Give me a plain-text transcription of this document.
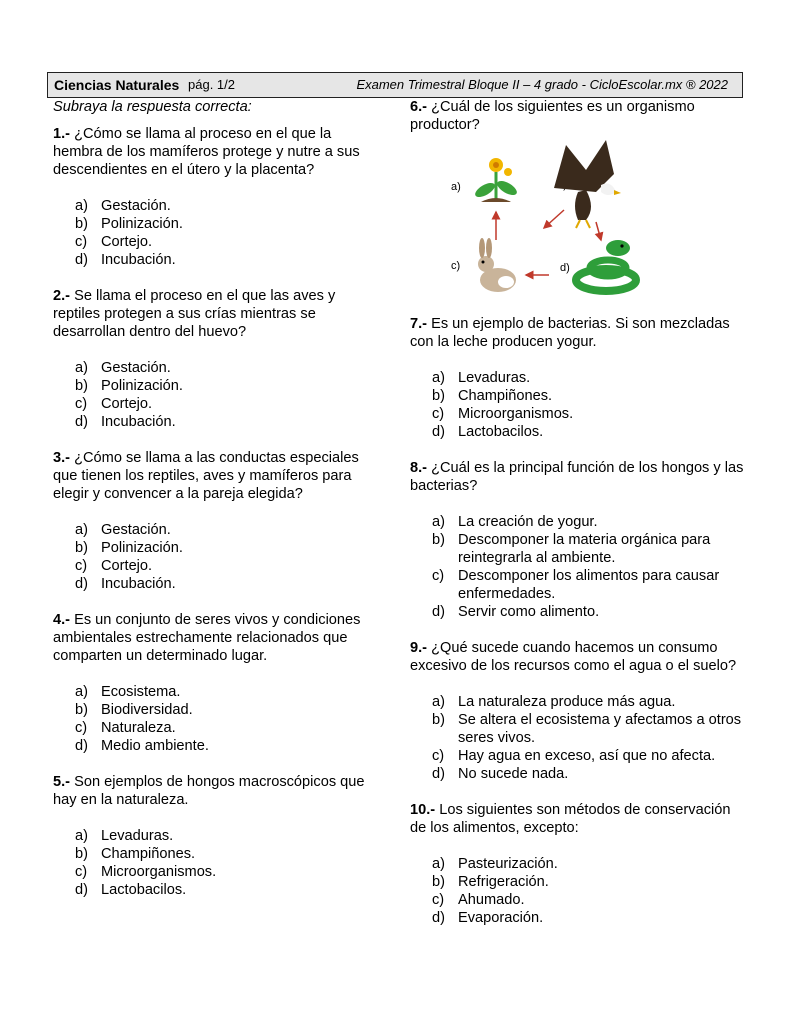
Ciencias Naturales pág. 1/2	Examen Trimestral Bloque II – 4 grado - CicloEscolar.mx ® 2022

Subraya la respuesta correcta:

1.- ¿Cómo se llama al proceso en el que la hembra de los mamíferos protege y nutre a sus descendientes en el útero y la placenta?

a) Gestación.
b) Polinización.
c) Cortejo.
d) Incubación.

2.- Se llama el proceso en el que las aves y reptiles protegen a sus crías mientras se desarrollan dentro del huevo?

a) Gestación.
b) Polinización.
c) Cortejo.
d) Incubación.

3.- ¿Cómo se llama a las conductas especiales que tienen los reptiles, aves y mamíferos para elegir y convencer a la pareja elegida?

a) Gestación.
b) Polinización.
c) Cortejo.
d) Incubación.

4.- Es un conjunto de seres vivos y condiciones ambientales estrechamente relacionados que comparten un determinado lugar.

a) Ecosistema.
b) Biodiversidad.
c) Naturaleza.
d) Medio ambiente.

5.- Son ejemplos de hongos macroscópicos que hay en la naturaleza.

a) Levaduras.
b) Champiñones.
c) Microorganismos.
d) Lactobacilos.

6.- ¿Cuál de los siguientes es un organismo productor?

a)
c)	d)

7.- Es un ejemplo de bacterias. Si son mezcladas con la leche producen yogur.

a) Levaduras.
b) Champiñones.
c) Microorganismos.
d) Lactobacilos.

8.- ¿Cuál es la principal función de los hongos y las bacterias?

a) La creación de yogur.
b) Descomponer la materia orgánica para reintegrarla al ambiente.
c) Descomponer los alimentos para causar enfermedades.
d) Servir como alimento.

9.- ¿Qué sucede cuando hacemos un consumo excesivo de los recursos como el agua o el suelo?

a) La naturaleza produce más agua.
b) Se altera el ecosistema y afectamos a otros seres vivos.
c) Hay agua en exceso, así que no afecta.
d) No sucede nada.

10.- Los siguientes son métodos de conservación de los alimentos, excepto:

a) Pasteurización.
b) Refrigeración.
c) Ahumado.
d) Evaporación.
